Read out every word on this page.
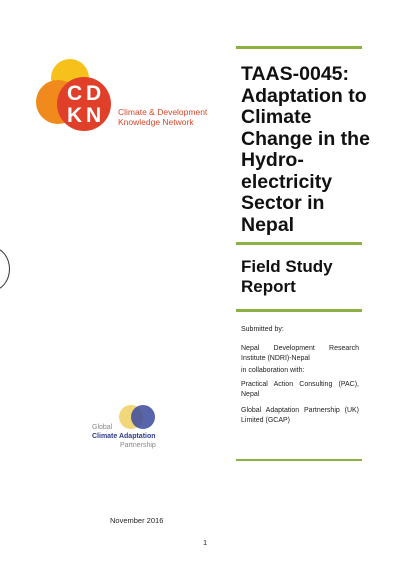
C D
K N Climate & Development
Knowledge Network
TAAS-0045: Adaptation to Climate Change in the Hydro-electricity Sector in Nepal
Field Study Report
Submitted by:
Nepal Development Research Institute (NDRI)-Nepal
in collaboration with:
Practical Action Consulting (PAC), Nepal
Global Adaptation Partnership (UK) Limited (GCAP)
Global
Climate Adaptation
Partnership
November 2016
1
